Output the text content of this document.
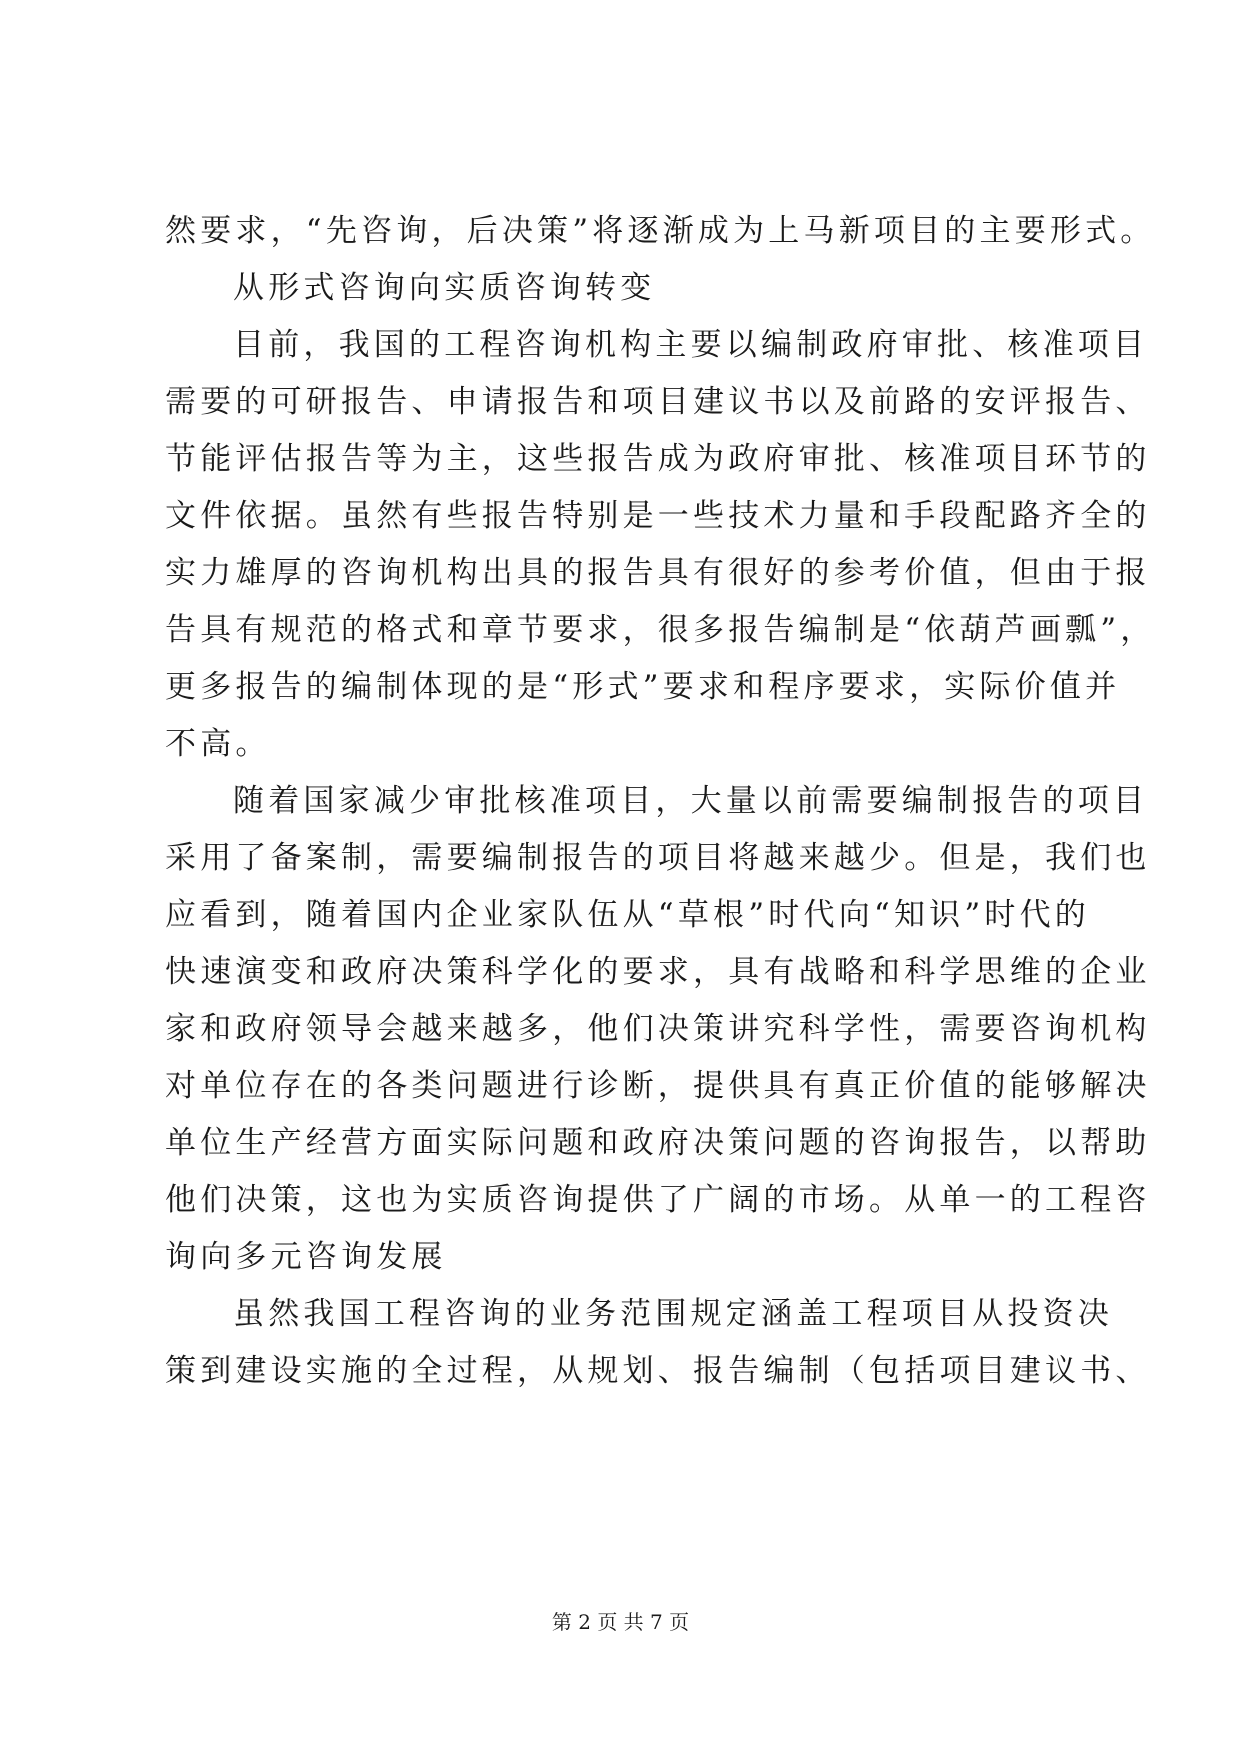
然要求，“先咨询，后决策”将逐渐成为上马新项目的主要形式。
从形式咨询向实质咨询转变
目前，我国的工程咨询机构主要以编制政府审批、核准项目
需要的可研报告、申请报告和项目建议书以及前路的安评报告、
节能评估报告等为主，这些报告成为政府审批、核准项目环节的
文件依据。虽然有些报告特别是一些技术力量和手段配路齐全的
实力雄厚的咨询机构出具的报告具有很好的参考价值，但由于报
告具有规范的格式和章节要求，很多报告编制是“依葫芦画瓢”，
更多报告的编制体现的是“形式”要求和程序要求，实际价值并
不高。
随着国家减少审批核准项目，大量以前需要编制报告的项目
采用了备案制，需要编制报告的项目将越来越少。但是，我们也
应看到，随着国内企业家队伍从“草根”时代向“知识”时代的
快速演变和政府决策科学化的要求，具有战略和科学思维的企业
家和政府领导会越来越多，他们决策讲究科学性，需要咨询机构
对单位存在的各类问题进行诊断，提供具有真正价值的能够解决
单位生产经营方面实际问题和政府决策问题的咨询报告，以帮助
他们决策，这也为实质咨询提供了广阔的市场。从单一的工程咨
询向多元咨询发展
虽然我国工程咨询的业务范围规定涵盖工程项目从投资决
策到建设实施的全过程，从规划、报告编制（包括项目建议书、
第 2 页 共 7 页
